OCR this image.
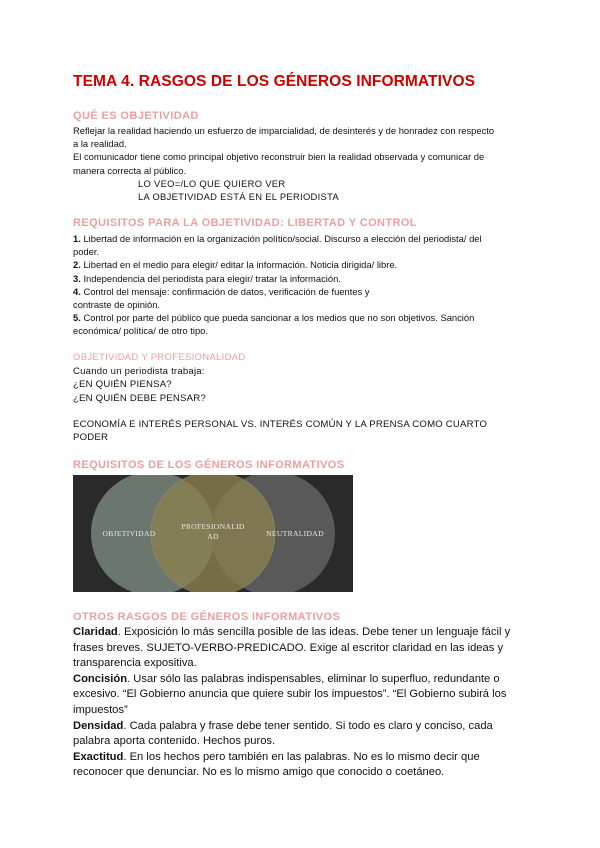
TEMA 4. RASGOS DE LOS GÉNEROS INFORMATIVOS
QUÉ ES OBJETIVIDAD
Reflejar la realidad haciendo un esfuerzo de imparcialidad, de desinterés y de honradez con respecto
a la realidad.
El comunicador tiene como principal objetivo reconstruir bien la realidad observada y comunicar de
manera correcta al público.
LO VEO=/LO QUE QUIERO VER
LA OBJETIVIDAD ESTÁ EN EL PERIODISTA
REQUISITOS PARA LA OBJETIVIDAD: LIBERTAD Y CONTROL
1. Libertad de información en la organización político/social. Discurso a elección del periodista/ del
poder.
2. Libertad en el medio para elegir/ editar la información. Noticia dirigida/ libre.
3. Independencia del periodista para elegir/ tratar la información.
4. Control del mensaje: confirmación de datos, verificación de fuentes y
contraste de opinión.
5. Control por parte del público que pueda sancionar a los medios que no son objetivos. Sanción
económica/ política/ de otro tipo.
OBJETIVIDAD Y PROFESIONALIDAD
Cuando un periodista trabaja:
¿EN QUIÉN PIENSA?
¿EN QUIÉN DEBE PENSAR?
ECONOMÍA E INTERÉS PERSONAL VS. INTERÉS COMÚN Y LA PRENSA COMO CUARTO
PODER
REQUISITOS DE LOS GÉNEROS INFORMATIVOS
OBJETIVIDAD
PROFESIONALID
AD	NEUTRALIDAD
OTROS RASGOS DE GÉNEROS INFORMATIVOS
Claridad. Exposición lo más sencilla posible de las ideas. Debe tener un lenguaje fácil y
frases breves. SUJETO-VERBO-PREDICADO. Exige al escritor claridad en las ideas y
transparencia expositiva.
Concisión. Usar sólo las palabras indispensables, eliminar lo superfluo, redundante o
excesivo. “El Gobierno anuncia que quiere subir los impuestos”. “El Gobierno subirá los
impuestos”
Densidad. Cada palabra y frase debe tener sentido. Si todo es claro y conciso, cada
palabra aporta contenido. Hechos puros.
Exactitud. En los hechos pero también en las palabras. No es lo mismo decir que
reconocer que denunciar. No es lo mismo amigo que conocido o coetáneo.
